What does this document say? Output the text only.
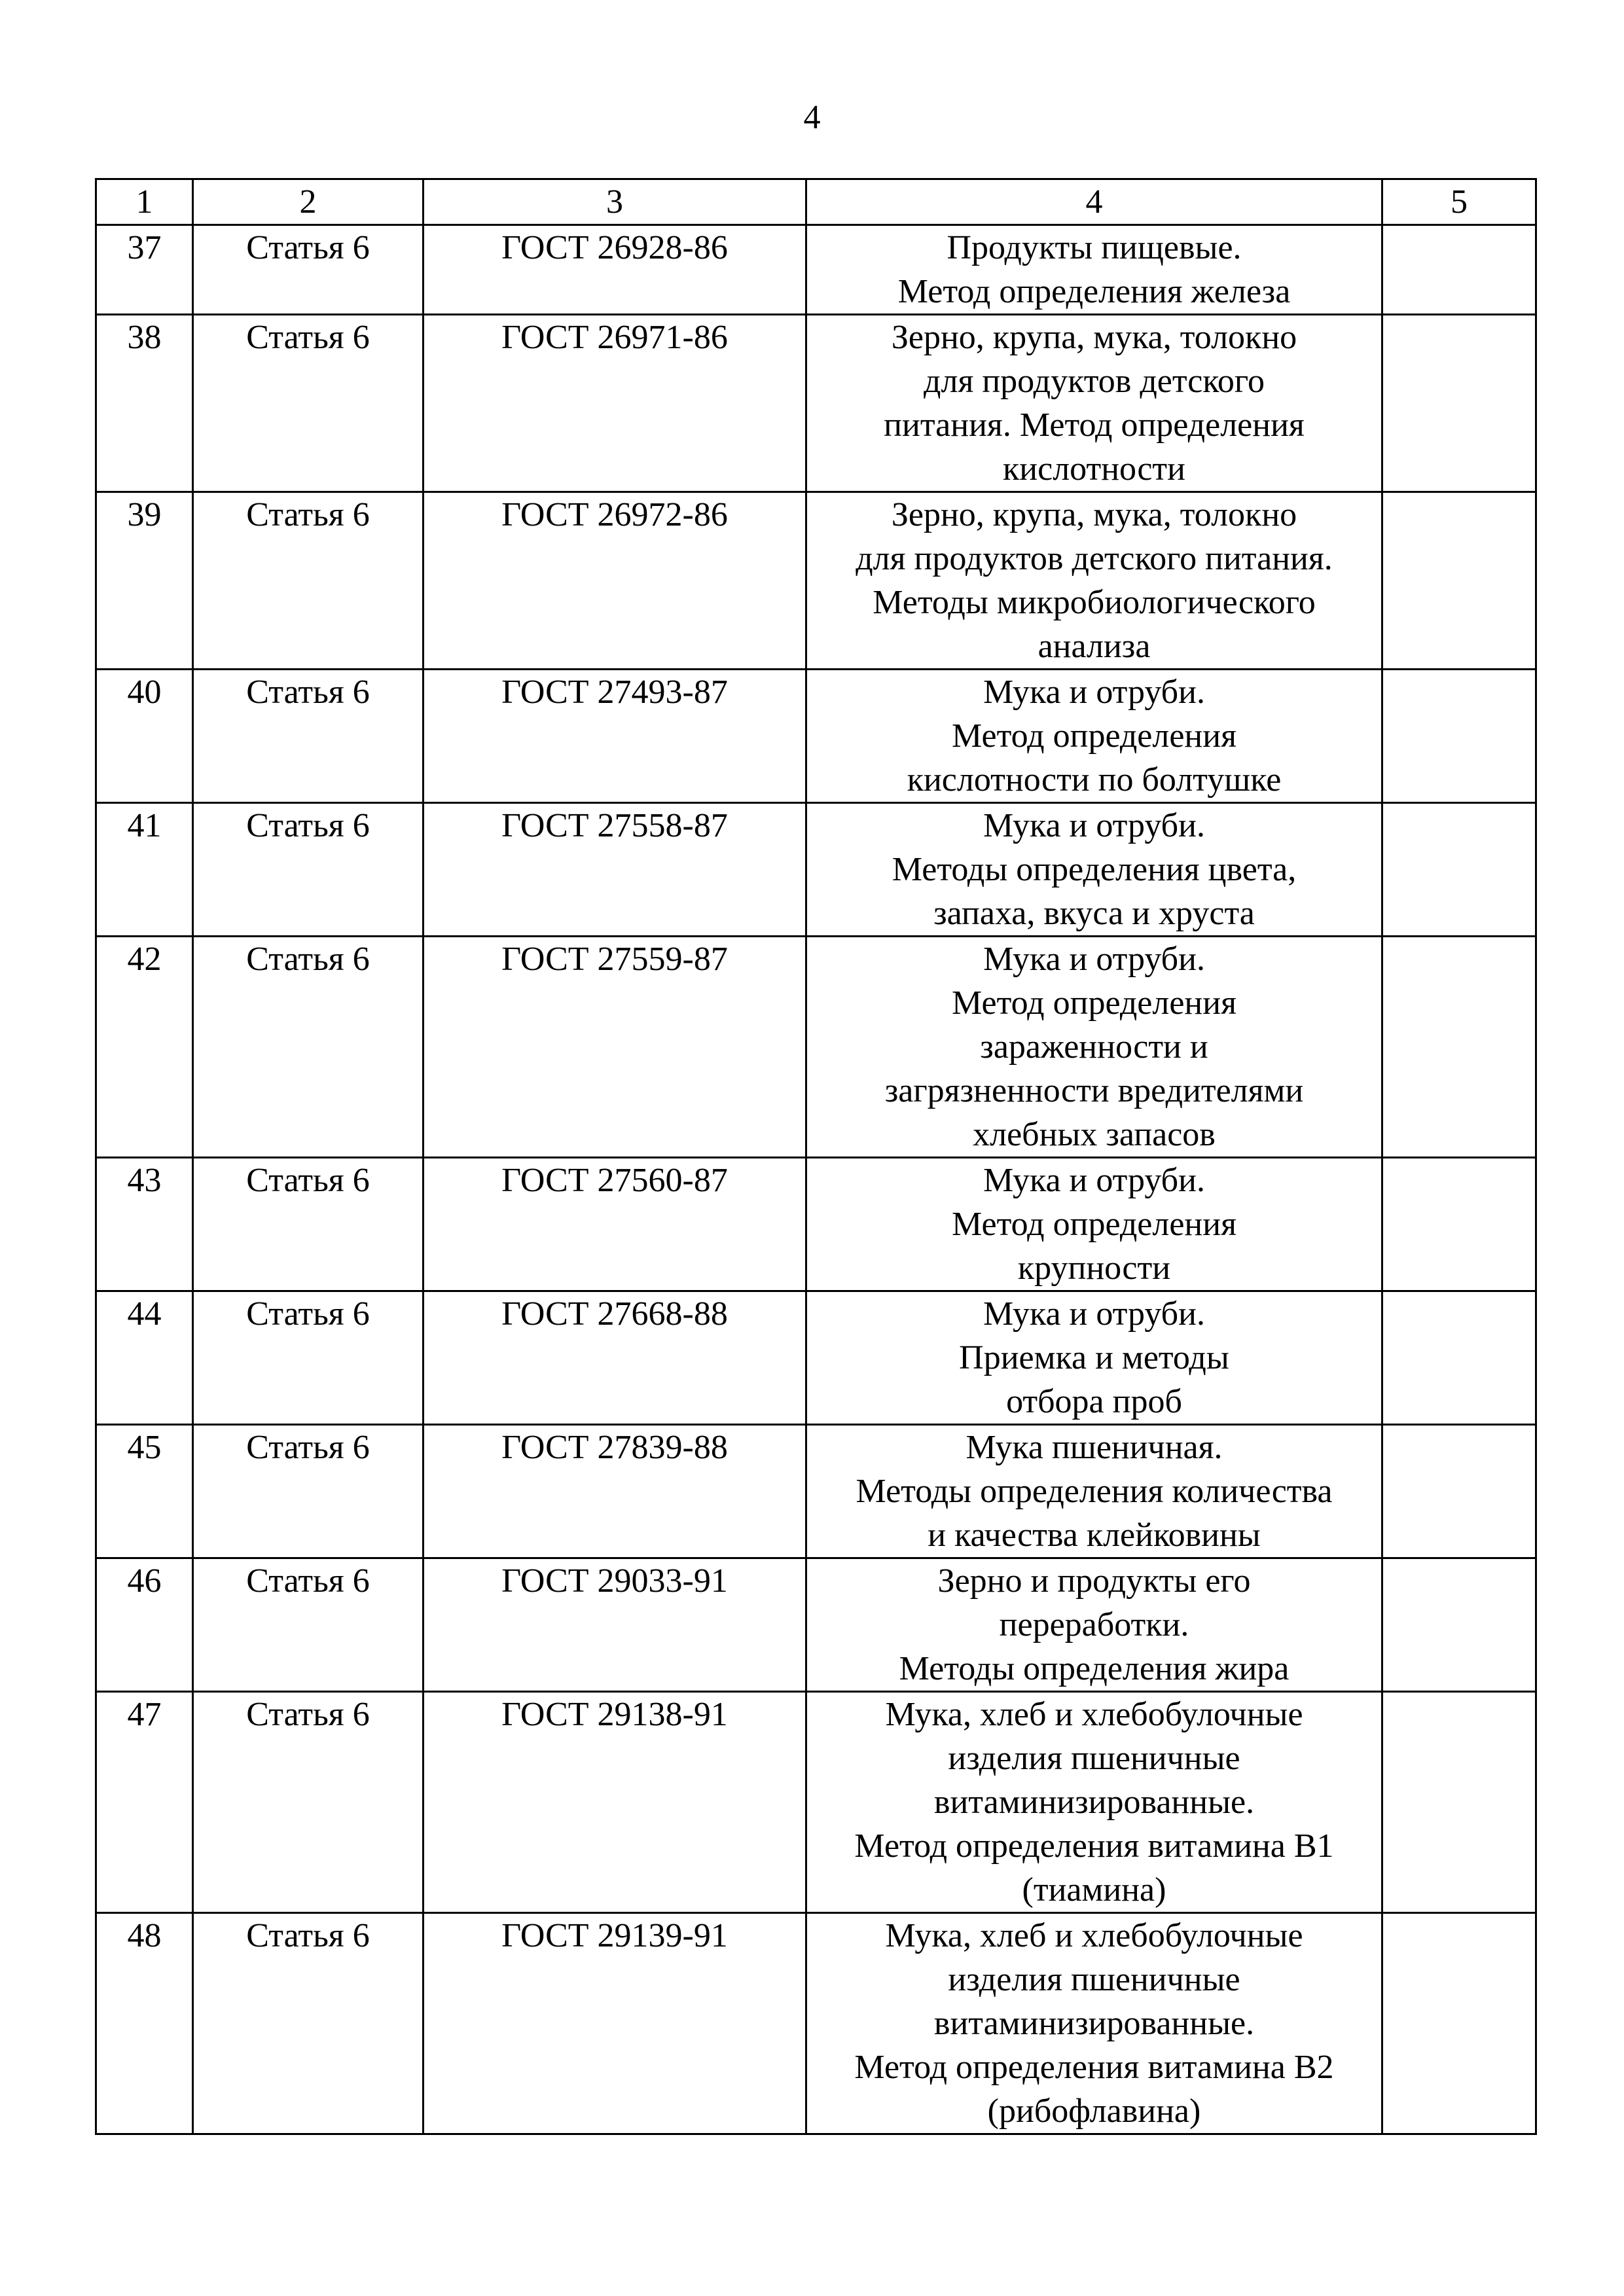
4
1	2	3	4	5
37	Статья 6	ГОСТ 26928-86	Продукты пищевые.
Метод определения железа	
38	Статья 6	ГОСТ 26971-86	Зерно, крупа, мука, толокно
для продуктов детского
питания. Метод определения
кислотности	
39	Статья 6	ГОСТ 26972-86	Зерно, крупа, мука, толокно
для продуктов детского питания.
Методы микробиологического
анализа	
40	Статья 6	ГОСТ 27493-87	Мука и отруби.
Метод определения
кислотности по болтушке	
41	Статья 6	ГОСТ 27558-87	Мука и отруби.
Методы определения цвета,
запаха, вкуса и хруста	
42	Статья 6	ГОСТ 27559-87	Мука и отруби.
Метод определения
зараженности и
загрязненности вредителями
хлебных запасов	
43	Статья 6	ГОСТ 27560-87	Мука и отруби.
Метод определения
крупности	
44	Статья 6	ГОСТ 27668-88	Мука и отруби.
Приемка и методы
отбора проб	
45	Статья 6	ГОСТ 27839-88	Мука пшеничная.
Методы определения количества
и качества клейковины	
46	Статья 6	ГОСТ 29033-91	Зерно и продукты его
переработки.
Методы определения жира	
47	Статья 6	ГОСТ 29138-91	Мука, хлеб и хлебобулочные
изделия пшеничные
витаминизированные.
Метод определения витамина В1
(тиамина)	
48	Статья 6	ГОСТ 29139-91	Мука, хлеб и хлебобулочные
изделия пшеничные
витаминизированные.
Метод определения витамина В2
(рибофлавина)	
